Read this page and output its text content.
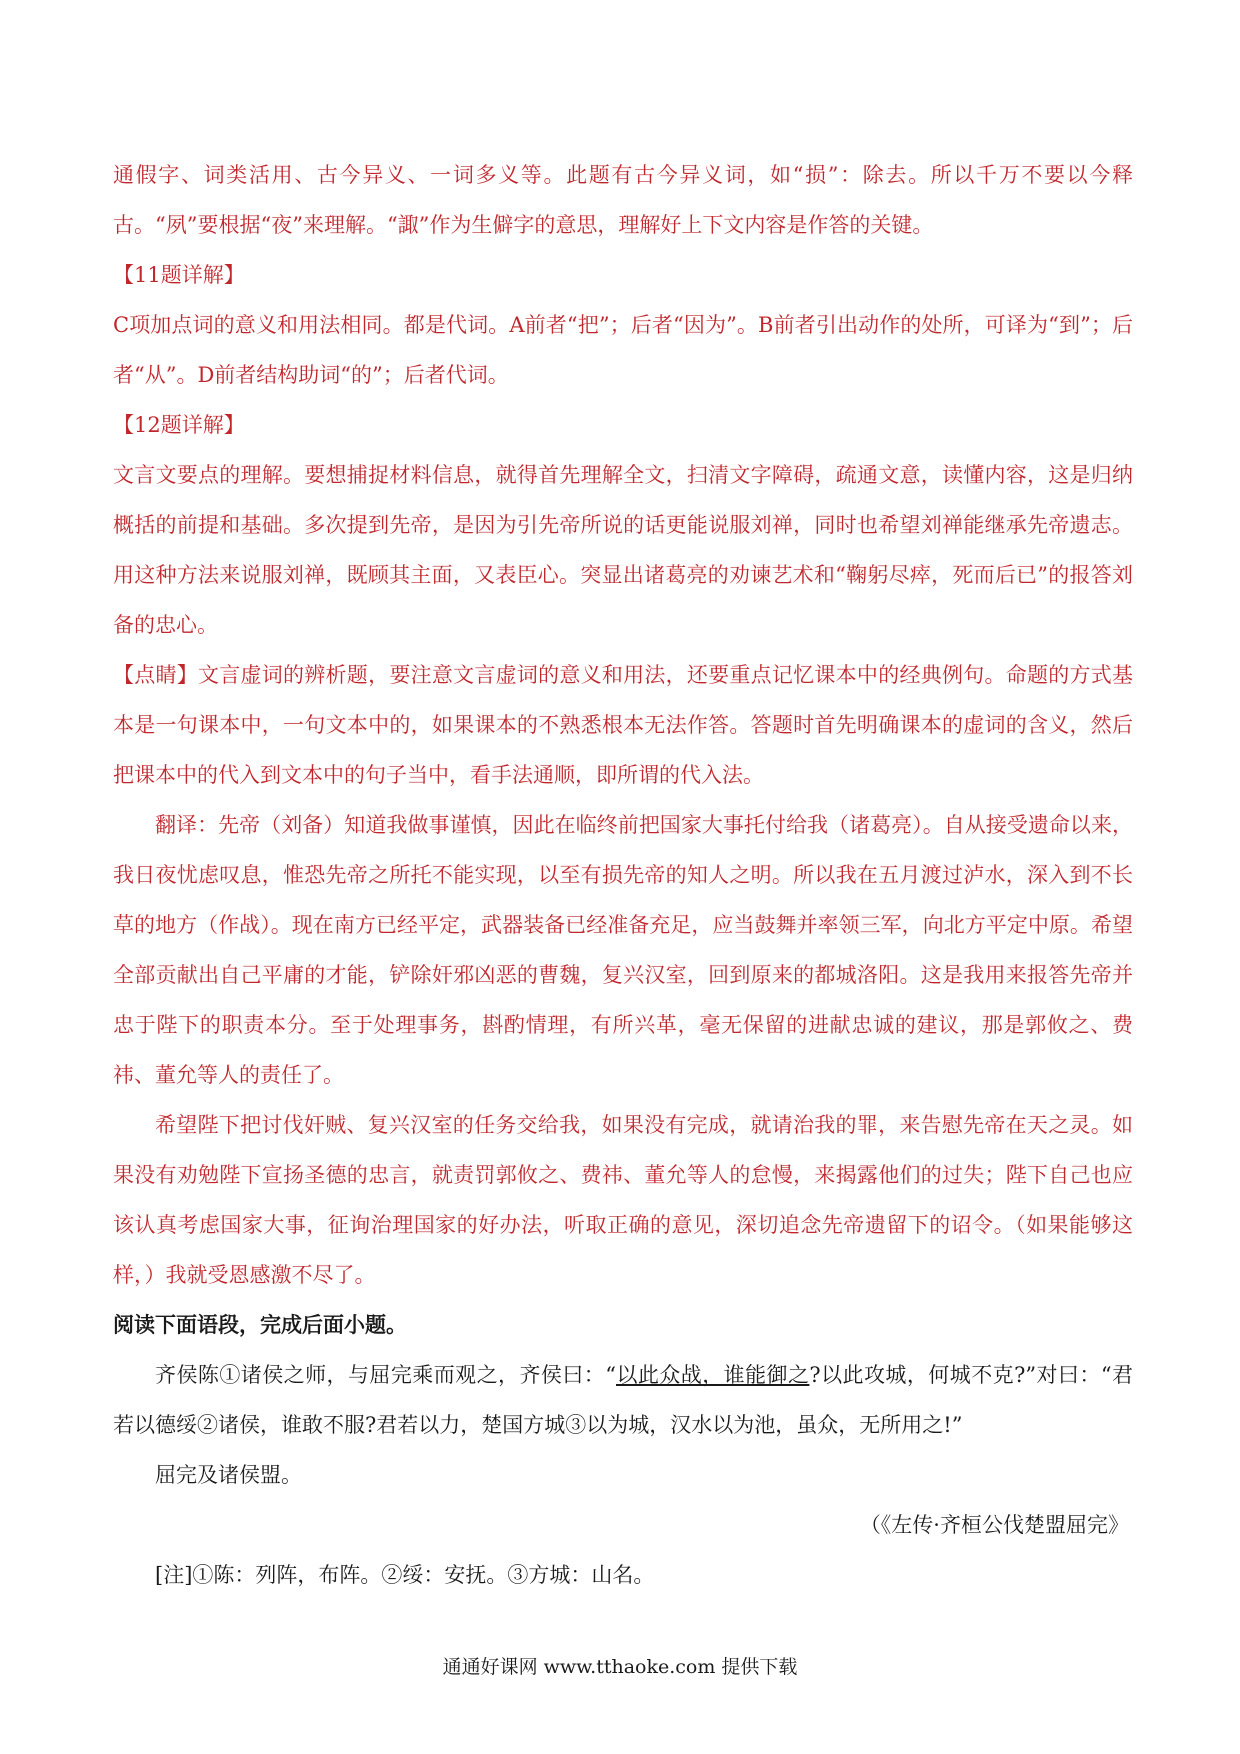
通假字、词类活用、古今异义、一词多义等。此题有古今异义词，如“损”：除去。所以千万不要以今释古。“夙”要根据“夜”来理解。“諏”作为生僻字的意思，理解好上下文内容是作答的关键。

【11题详解】

C项加点词的意义和用法相同。都是代词。A前者“把”；后者“因为”。B前者引出动作的处所，可译为“到”；后者“从”。D前者结构助词“的”；后者代词。

【12题详解】

文言文要点的理解。要想捕捉材料信息，就得首先理解全文，扫清文字障碍，疏通文意，读懂内容，这是归纳概括的前提和基础。多次提到先帝，是因为引先帝所说的话更能说服刘禅，同时也希望刘禅能继承先帝遗志。用这种方法来说服刘禅，既顾其主面，又表臣心。突显出诸葛亮的劝谏艺术和“鞠躬尽瘁，死而后已”的报答刘备的忠心。

【点睛】文言虚词的辨析题，要注意文言虚词的意义和用法，还要重点记忆课本中的经典例句。命题的方式基本是一句课本中，一句文本中的，如果课本的不熟悉根本无法作答。答题时首先明确课本的虚词的含义，然后把课本中的代入到文本中的句子当中，看手法通顺，即所谓的代入法。

翻译：先帝（刘备）知道我做事谨慎，因此在临终前把国家大事托付给我（诸葛亮）。自从接受遗命以来，我日夜忧虑叹息，惟恐先帝之所托不能实现，以至有损先帝的知人之明。所以我在五月渡过泸水，深入到不长草的地方（作战）。现在南方已经平定，武器装备已经准备充足，应当鼓舞并率领三军，向北方平定中原。希望全部贡献出自己平庸的才能，铲除奸邪凶恶的曹魏，复兴汉室，回到原来的都城洛阳。这是我用来报答先帝并忠于陛下的职责本分。至于处理事务，斟酌情理，有所兴革，毫无保留的进献忠诚的建议，那是郭攸之、费祎、董允等人的责任了。

希望陛下把讨伐奸贼、复兴汉室的任务交给我，如果没有完成，就请治我的罪，来告慰先帝在天之灵。如果没有劝勉陛下宣扬圣德的忠言，就责罚郭攸之、费祎、董允等人的怠慢，来揭露他们的过失；陛下自己也应该认真考虑国家大事，征询治理国家的好办法，听取正确的意见，深切追念先帝遗留下的诏令。（如果能够这样，）我就受恩感激不尽了。

阅读下面语段，完成后面小题。

齐侯陈①诸侯之师，与屈完乘而观之，齐侯曰：“以此众战，谁能御之?以此攻城，何城不克?”对曰：“君若以德绥②诸侯，谁敢不服?君若以力，楚国方城③以为城，汉水以为池，虽众，无所用之!”

屈完及诸侯盟。

（《左传·齐桓公伐楚盟屈完》

[注]①陈：列阵，布阵。②绥：安抚。③方城：山名。

通通好课网 www.tthaoke.com 提供下载
